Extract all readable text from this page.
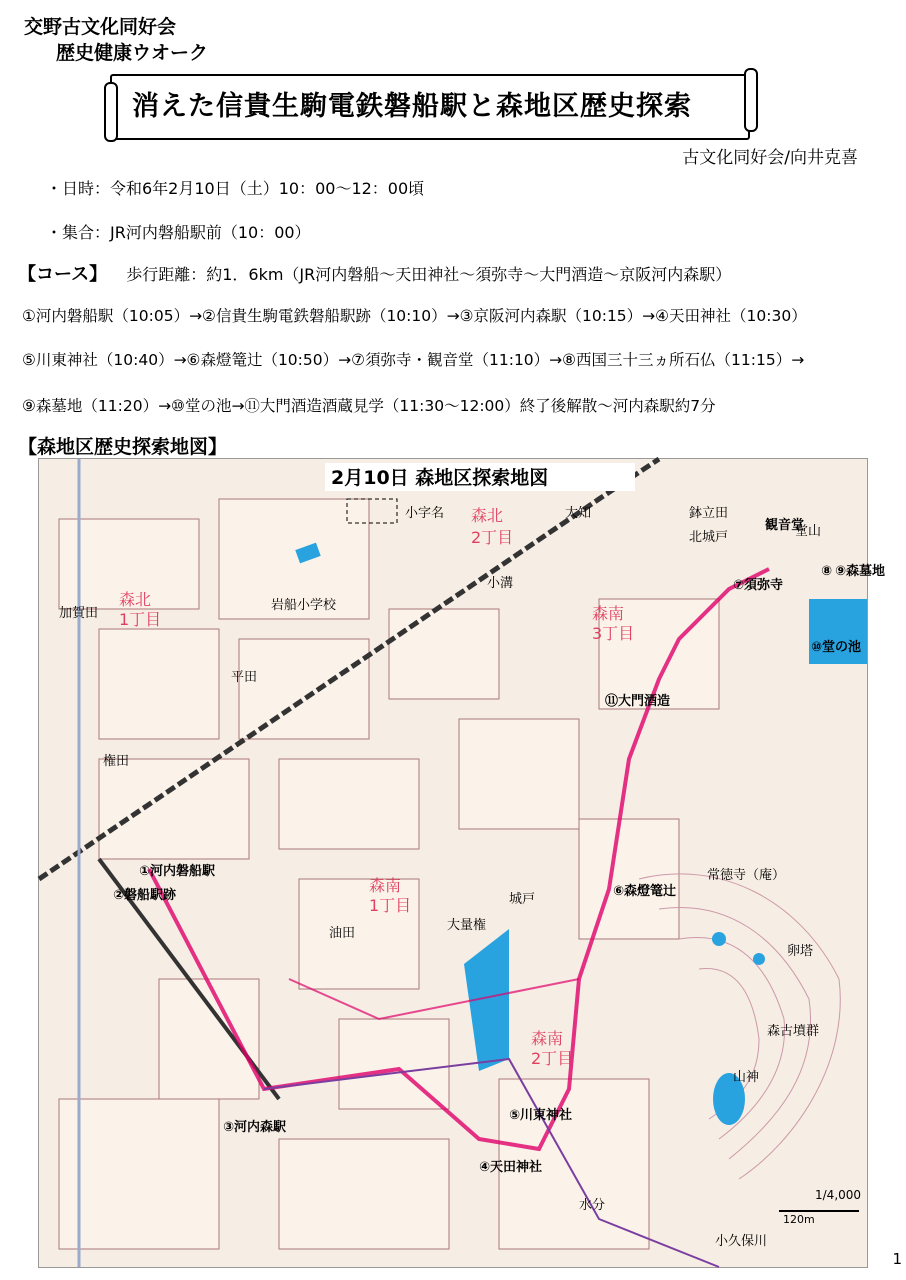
交野古文化同好会
歴史健康ウオーク
消えた信貴生駒電鉄磐船駅と森地区歴史探索
古文化同好会/向井克喜
・日時：令和6年2月10日（土）10：00～12：00頃
・集合：JR河内磐船駅前（10：00）
【コース】 歩行距離：約1．6km（JR河内磐船～天田神社～須弥寺～大門酒造～京阪河内森駅）
①河内磐船駅（10:05）→②信貴生駒電鉄磐船駅跡（10:10）→③京阪河内森駅（10:15）→④天田神社（10:30）
⑤川東神社（10:40）→⑥森燈篭辻（10:50）→⑦須弥寺・観音堂（11:10）→⑧西国三十三ヵ所石仏（11:15）→
⑨森墓地（11:20）→⑩堂の池→⑪大門酒造酒蔵見学（11:30～12:00）終了後解散～河内森駅約7分
【森地区歴史探索地図】
森北
2丁目
森北
1丁目	森南
3丁目
森南
1丁目
森南
2丁目
2月10日 森地区探索地図
小字名
加賀田
平田
権田
小溝
大知
油田
大量権
城戸
鉢立田
北城戸	堂山
岩船小学校
常徳寺（庵）
卵塔
森古墳群
山神
水分
小久保川
①河内磐船駅
②磐船駅跡
③河内森駅
④天田神社
⑤川東神社
⑥森燈篭辻
⑦須弥寺
⑧ ⑨森墓地
⑩堂の池
⑪大門酒造
観音堂
1/4,000
120m
1
